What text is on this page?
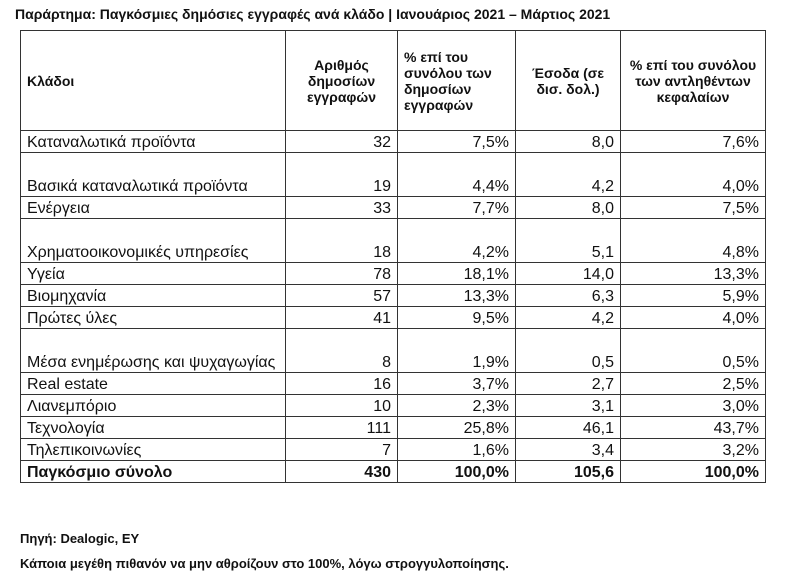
Παράρτημα: Παγκόσμιες δημόσιες εγγραφές ανά κλάδο | Ιανουάριος 2021 – Μάρτιος 2021
Κλάδοι	Αριθμός δημοσίων εγγραφών	% επί του συνόλου των δημοσίων εγγραφών	Έσοδα (σε δισ. δολ.)	% επί του συνόλου των αντληθέντων κεφαλαίων
Καταναλωτικά προϊόντα	32	7,5%	8,0	7,6%
Βασικά καταναλωτικά προϊόντα	19	4,4%	4,2	4,0%
Ενέργεια	33	7,7%	8,0	7,5%
Χρηματοοικονομικές υπηρεσίες	18	4,2%	5,1	4,8%
Υγεία	78	18,1%	14,0	13,3%
Βιομηχανία	57	13,3%	6,3	5,9%
Πρώτες ύλες	41	9,5%	4,2	4,0%
Μέσα ενημέρωσης και ψυχαγωγίας	8	1,9%	0,5	0,5%
Real estate	16	3,7%	2,7	2,5%
Λιανεμπόριο	10	2,3%	3,1	3,0%
Τεχνολογία	111	25,8%	46,1	43,7%
Τηλεπικοινωνίες	7	1,6%	3,4	3,2%
Παγκόσμιο σύνολο	430	100,0%	105,6	100,0%
Πηγή: Dealogic, EY
Κάποια μεγέθη πιθανόν να μην αθροίζουν στο 100%, λόγω στρογγυλοποίησης.
